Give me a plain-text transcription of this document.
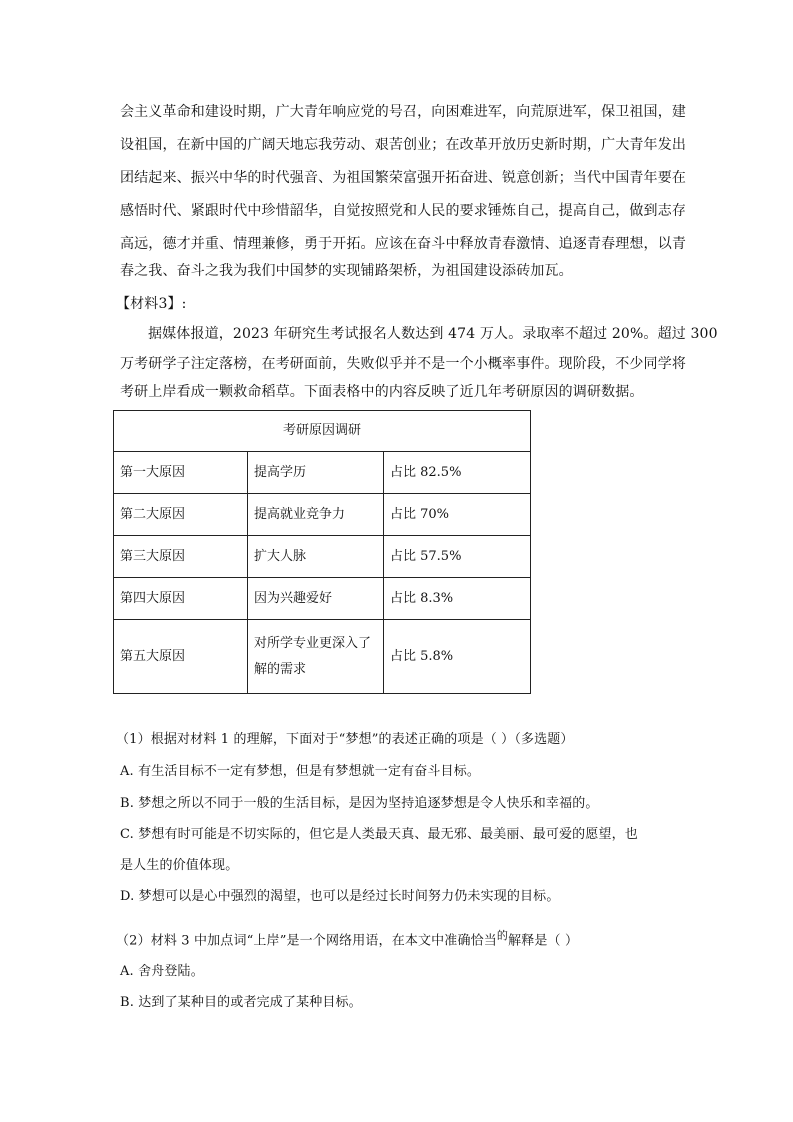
会主义革命和建设时期，广大青年响应党的号召，向困难进军，向荒原进军，保卫祖国，建
设祖国，在新中国的广阔天地忘我劳动、艰苦创业；在改革开放历史新时期，广大青年发出
团结起来、振兴中华的时代强音、为祖国繁荣富强开拓奋进、锐意创新；当代中国青年要在
感悟时代、紧跟时代中珍惜韶华，自觉按照党和人民的要求锤炼自己，提高自己，做到志存
高远，德才并重、情理兼修，勇于开拓。应该在奋斗中释放青春激情、追逐青春理想，以青
春之我、奋斗之我为我们中国梦的实现铺路架桥，为祖国建设添砖加瓦。
【材料3】:
据媒体报道，2023 年研究生考试报名人数达到 474 万人。录取率不超过 20%。超过 300
万考研学子注定落榜，在考研面前，失败似乎并不是一个小概率事件。现阶段，不少同学将
考研上岸看成一颗救命稻草。下面表格中的内容反映了近几年考研原因的调研数据。
考研原因调研		
第一大原因	提高学历	占比 82.5%
第二大原因	提高就业竞争力	占比 70%
第三大原因	扩大人脉	占比 57.5%
第四大原因	因为兴趣爱好	占比 8.3%
第五大原因	对所学专业更深入了解的需求	占比 5.8%
（1）根据对材料 1 的理解，下面对于“梦想”的表述正确的项是（ ）（多选题）
A. 有生活目标不一定有梦想，但是有梦想就一定有奋斗目标。
B. 梦想之所以不同于一般的生活目标，是因为坚持追逐梦想是令人快乐和幸福的。
C. 梦想有时可能是不切实际的，但它是人类最天真、最无邪、最美丽、最可爱的愿望，也
是人生的价值体现。
D. 梦想可以是心中强烈的渴望，也可以是经过长时间努力仍未实现的目标。
（2）材料 3 中加点词“上岸”是一个网络用语，在本文中准确恰当$^的$解释是（ ）
A. 舍舟登陆。
B. 达到了某种目的或者完成了某种目标。
